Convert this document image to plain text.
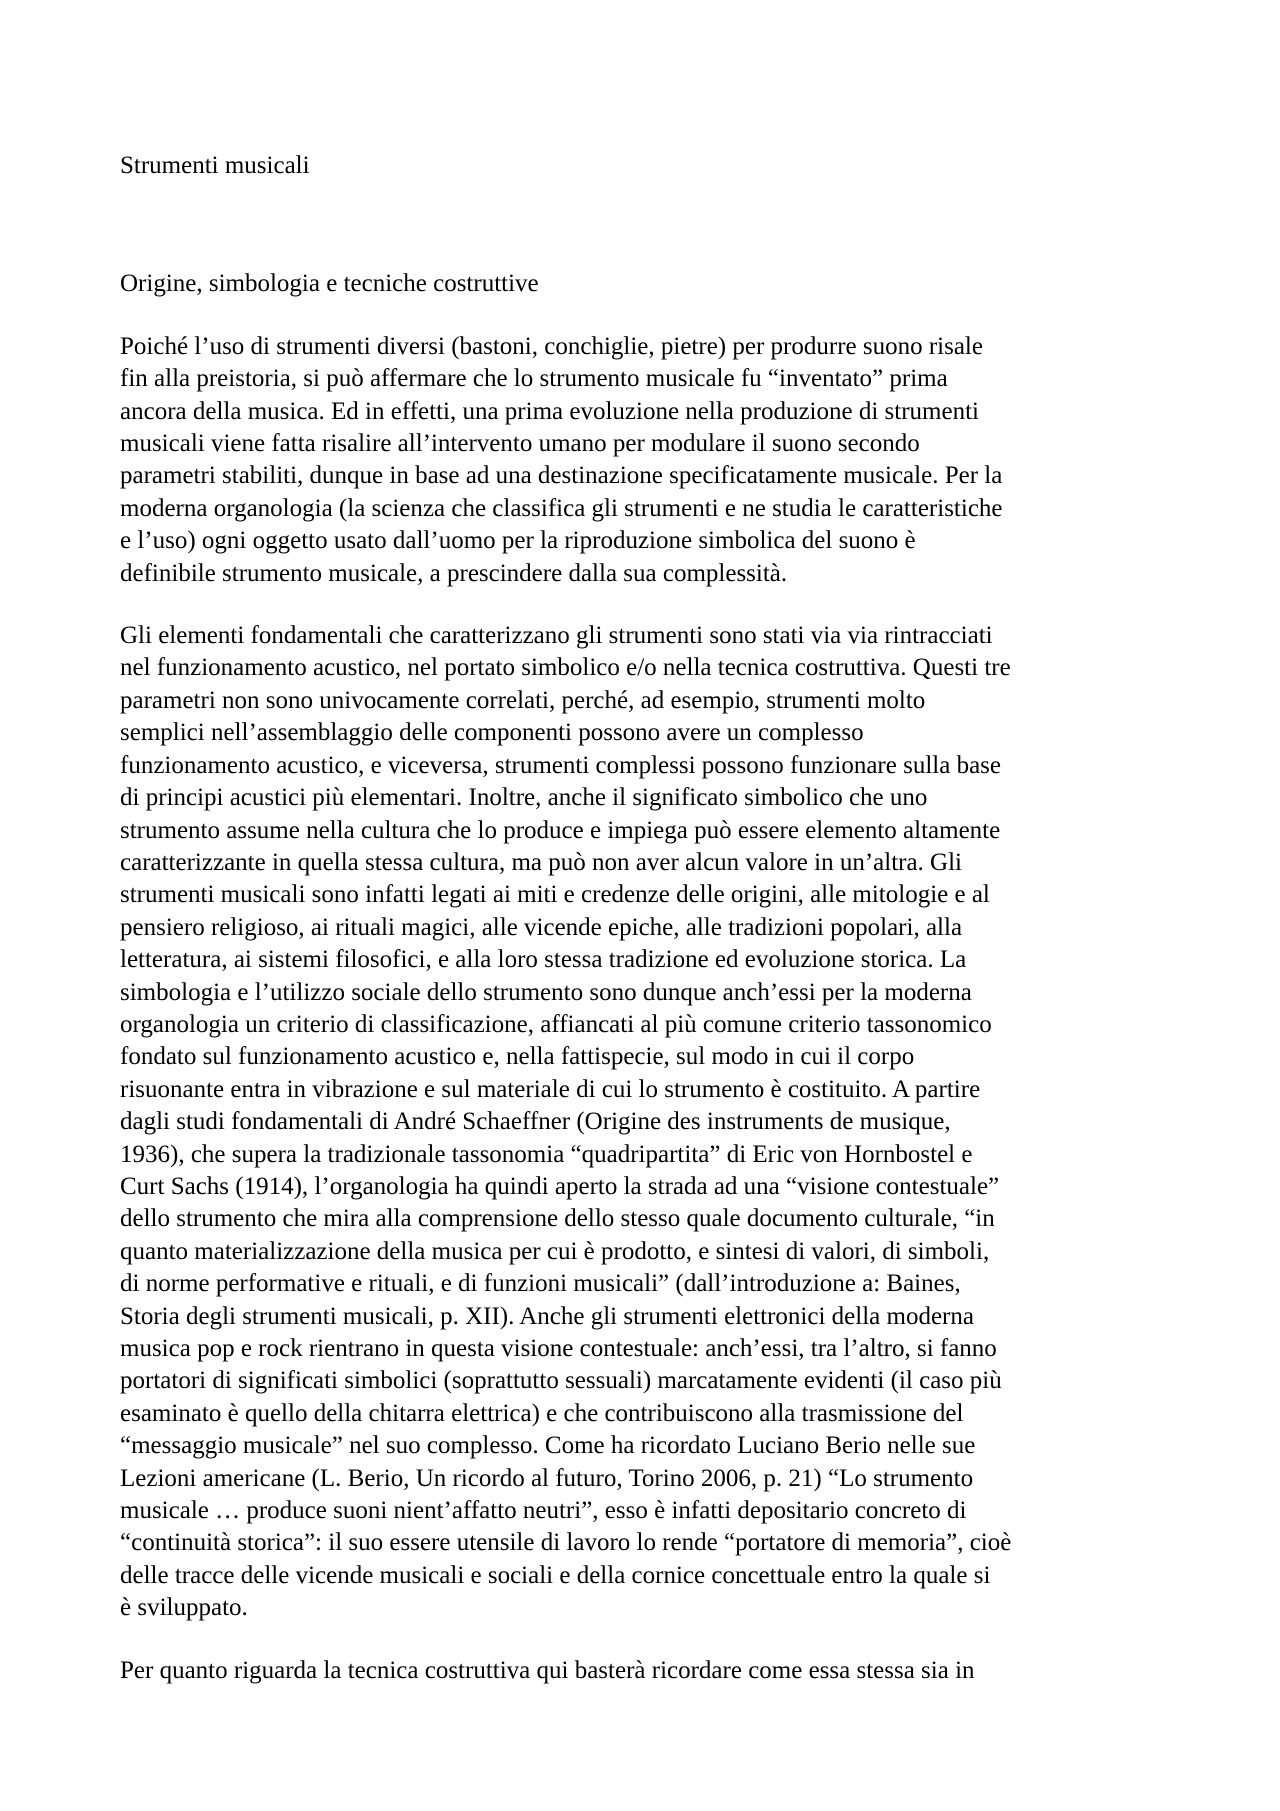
Strumenti musicali
Origine, simbologia e tecniche costruttive
Poiché l’uso di strumenti diversi (bastoni, conchiglie, pietre) per produrre suono risale
fin alla preistoria, si può affermare che lo strumento musicale fu “inventato” prima
ancora della musica. Ed in effetti, una prima evoluzione nella produzione di strumenti
musicali viene fatta risalire all’intervento umano per modulare il suono secondo
parametri stabiliti, dunque in base ad una destinazione specificatamente musicale. Per la
moderna organologia (la scienza che classifica gli strumenti e ne studia le caratteristiche
e l’uso) ogni oggetto usato dall’uomo per la riproduzione simbolica del suono è
definibile strumento musicale, a prescindere dalla sua complessità.
Gli elementi fondamentali che caratterizzano gli strumenti sono stati via via rintracciati
nel funzionamento acustico, nel portato simbolico e/o nella tecnica costruttiva. Questi tre
parametri non sono univocamente correlati, perché, ad esempio, strumenti molto
semplici nell’assemblaggio delle componenti possono avere un complesso
funzionamento acustico, e viceversa, strumenti complessi possono funzionare sulla base
di principi acustici più elementari. Inoltre, anche il significato simbolico che uno
strumento assume nella cultura che lo produce e impiega può essere elemento altamente
caratterizzante in quella stessa cultura, ma può non aver alcun valore in un’altra. Gli
strumenti musicali sono infatti legati ai miti e credenze delle origini, alle mitologie e al
pensiero religioso, ai rituali magici, alle vicende epiche, alle tradizioni popolari, alla
letteratura, ai sistemi filosofici, e alla loro stessa tradizione ed evoluzione storica. La
simbologia e l’utilizzo sociale dello strumento sono dunque anch’essi per la moderna
organologia un criterio di classificazione, affiancati al più comune criterio tassonomico
fondato sul funzionamento acustico e, nella fattispecie, sul modo in cui il corpo
risuonante entra in vibrazione e sul materiale di cui lo strumento è costituito. A partire
dagli studi fondamentali di André Schaeffner (Origine des instruments de musique,
1936), che supera la tradizionale tassonomia “quadripartita” di Eric von Hornbostel e
Curt Sachs (1914), l’organologia ha quindi aperto la strada ad una “visione contestuale”
dello strumento che mira alla comprensione dello stesso quale documento culturale, “in
quanto materializzazione della musica per cui è prodotto, e sintesi di valori, di simboli,
di norme performative e rituali, e di funzioni musicali” (dall’introduzione a: Baines,
Storia degli strumenti musicali, p. XII). Anche gli strumenti elettronici della moderna
musica pop e rock rientrano in questa visione contestuale: anch’essi, tra l’altro, si fanno
portatori di significati simbolici (soprattutto sessuali) marcatamente evidenti (il caso più
esaminato è quello della chitarra elettrica) e che contribuiscono alla trasmissione del
“messaggio musicale” nel suo complesso. Come ha ricordato Luciano Berio nelle sue
Lezioni americane (L. Berio, Un ricordo al futuro, Torino 2006, p. 21) “Lo strumento
musicale … produce suoni nient’affatto neutri”, esso è infatti depositario concreto di
“continuità storica”: il suo essere utensile di lavoro lo rende “portatore di memoria”, cioè
delle tracce delle vicende musicali e sociali e della cornice concettuale entro la quale si
è sviluppato.
Per quanto riguarda la tecnica costruttiva qui basterà ricordare come essa stessa sia in
